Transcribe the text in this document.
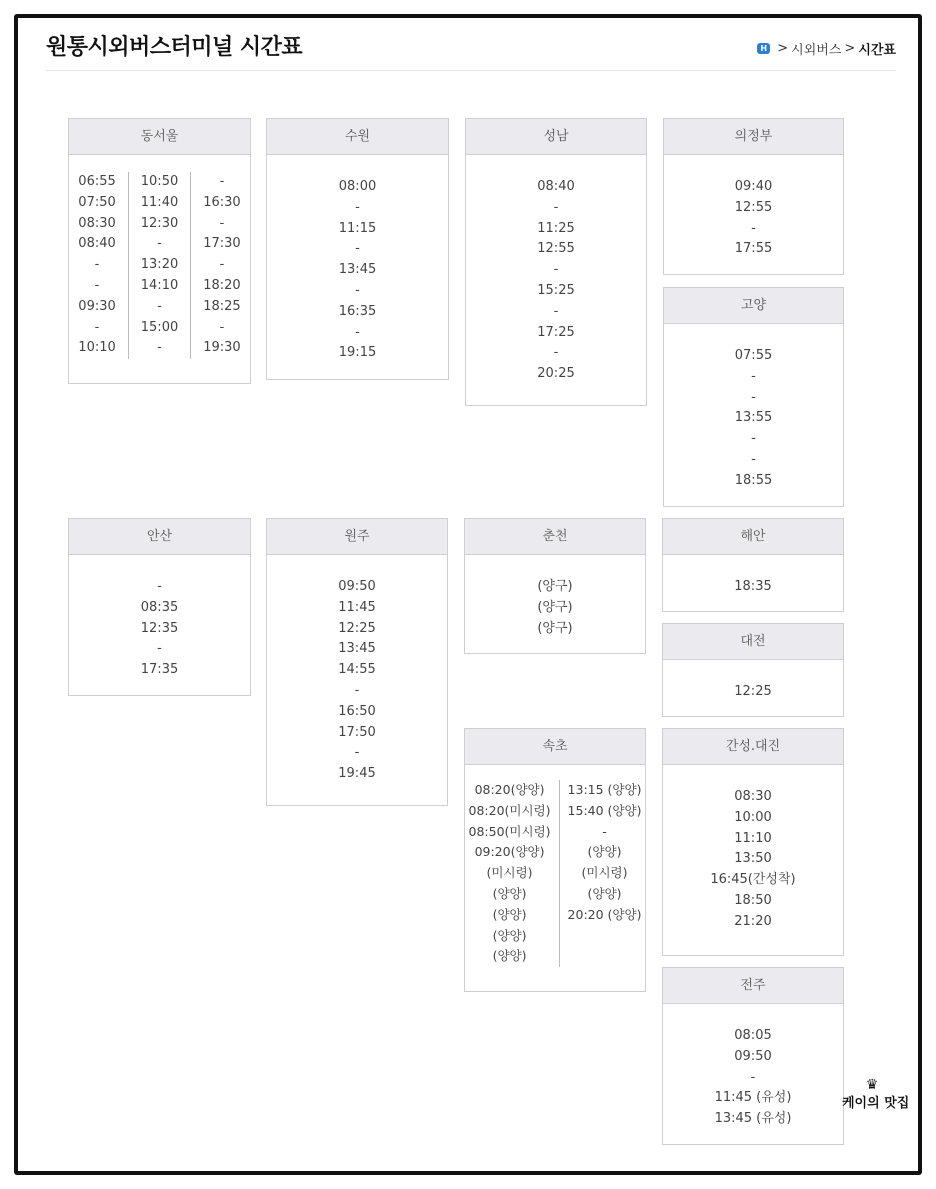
원통시외버스터미널 시간표	H > 시외버스 > 시간표
동서울
06:55
07:50
08:30
08:40
-
-
09:30
-
10:10
10:50
11:40
12:30
-
13:20
14:10
-
15:00
-
-
16:30
-
17:30
-
18:20
18:25
-
19:30
수원
08:00
-
11:15
-
13:45
-
16:35
-
19:15
성남
08:40
-
11:25
12:55
-
15:25
-
17:25
-
20:25
의정부
09:40
12:55
-
17:55
고양
07:55
-
-
13:55
-
-
18:55
안산
-
08:35
12:35
-
17:35
원주
09:50
11:45
12:25
13:45
14:55
-
16:50
17:50
-
19:45
춘천
(양구)
(양구)
(양구)
해안
18:35
대전
12:25
속초
08:20(양양)
08:20(미시령)
08:50(미시령)
09:20(양양)
(미시령)
(양양)
(양양)
(양양)
(양양)
13:15 (양양)
15:40 (양양)
-
(양양)
(미시령)
(양양)
20:20 (양양)
간성.대진
08:30
10:00
11:10
13:50
16:45(간성착)
18:50
21:20
전주
08:05
09:50
-
11:45 (유성)
13:45 (유성)
♛
케이의 맛집
